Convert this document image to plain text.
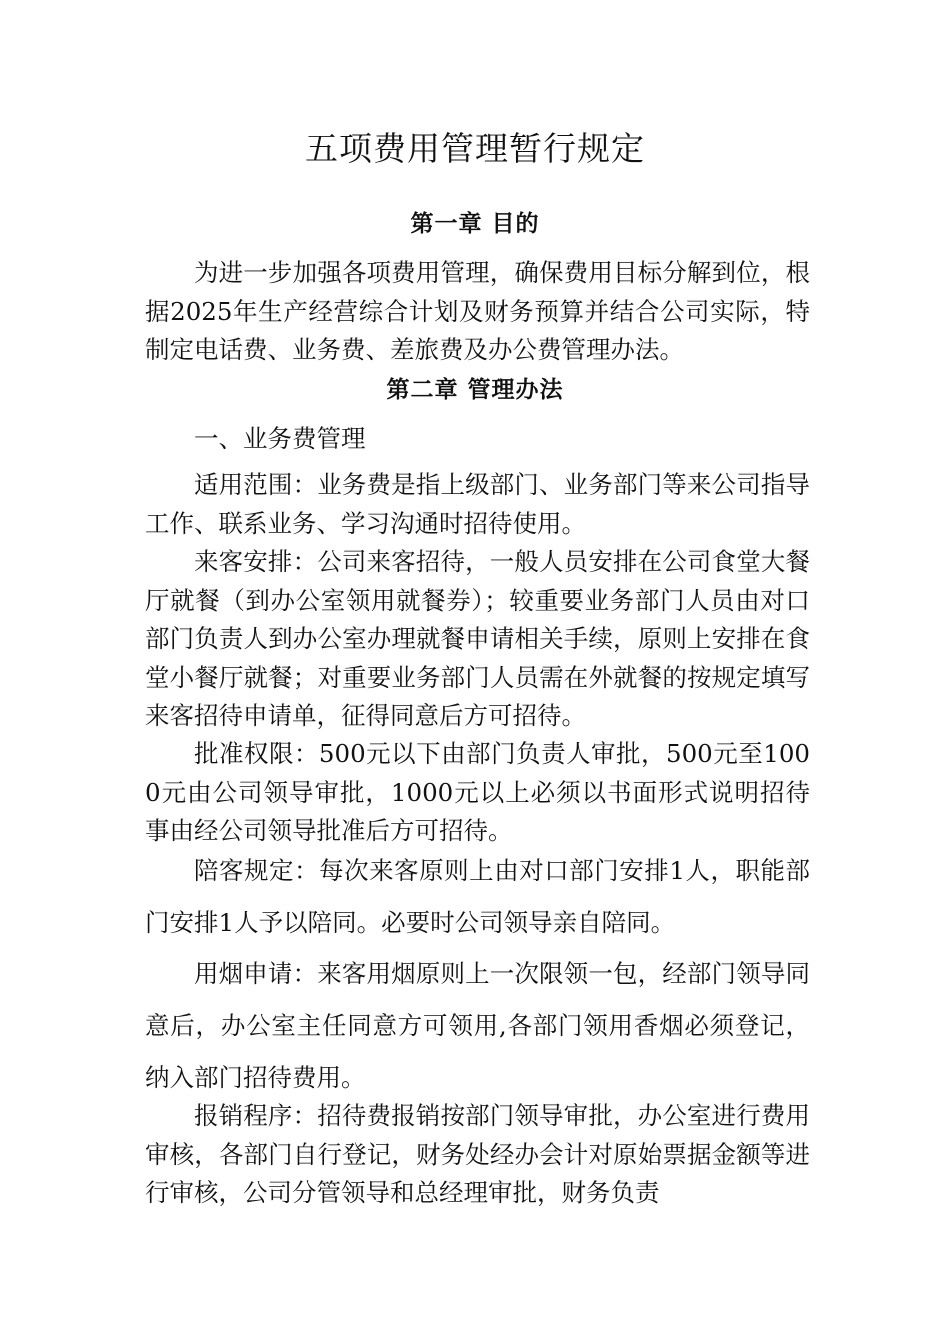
五项费用管理暂行规定
第一章 目的

为进一步加强各项费用管理，确保费用目标分解到位，根据2025年生产经营综合计划及财务预算并结合公司实际，特制定电话费、业务费、差旅费及办公费管理办法。

第二章 管理办法

一、业务费管理

适用范围：业务费是指上级部门、业务部门等来公司指导工作、联系业务、学习沟通时招待使用。

来客安排：公司来客招待，一般人员安排在公司食堂大餐厅就餐（到办公室领用就餐券）；较重要业务部门人员由对口部门负责人到办公室办理就餐申请相关手续，原则上安排在食堂小餐厅就餐；对重要业务部门人员需在外就餐的按规定填写来客招待申请单，征得同意后方可招待。

批准权限：500元以下由部门负责人审批，500元至1000元由公司领导审批，1000元以上必须以书面形式说明招待事由经公司领导批准后方可招待。

陪客规定：每次来客原则上由对口部门安排1人，职能部门安排1人予以陪同。必要时公司领导亲自陪同。

用烟申请：来客用烟原则上一次限领一包，经部门领导同意后，办公室主任同意方可领用,各部门领用香烟必须登记，纳入部门招待费用。

报销程序：招待费报销按部门领导审批，办公室进行费用审核，各部门自行登记，财务处经办会计对原始票据金额等进行审核，公司分管领导和总经理审批，财务负责
